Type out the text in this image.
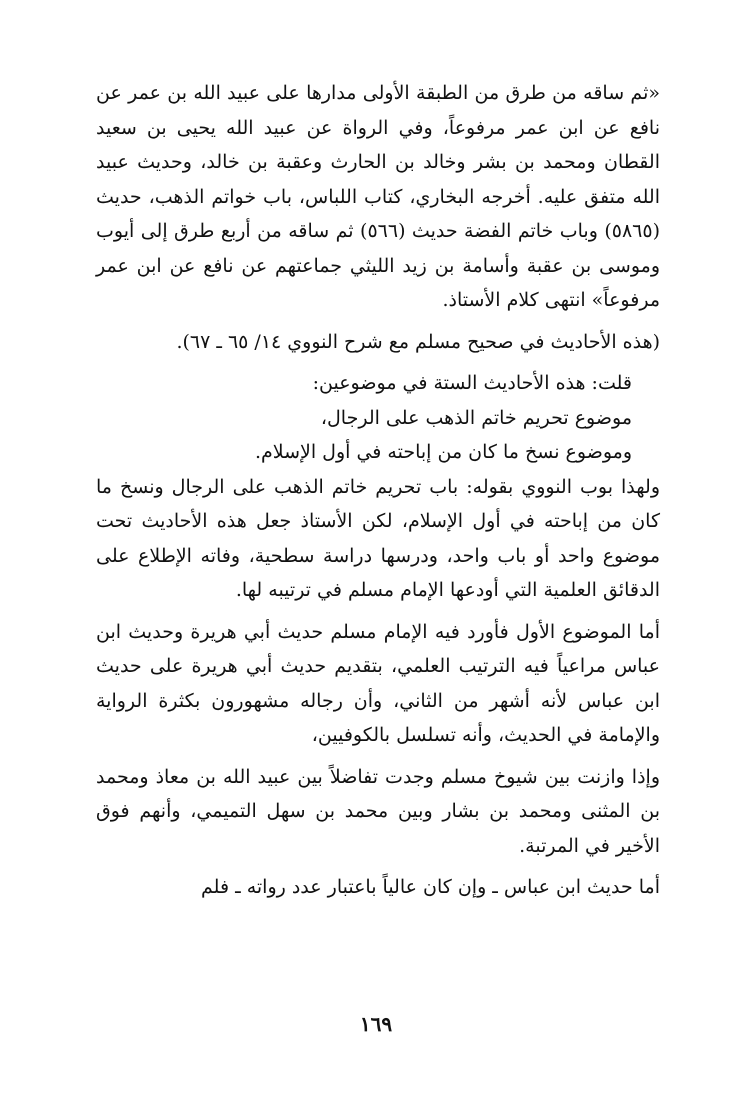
«ثم ساقه من طرق من الطبقة الأولى مدارها على عبيد الله بن عمر عن نافع عن ابن عمر مرفوعاً، وفي الرواة عن عبيد الله يحيى بن سعيد القطان ومحمد بن بشر وخالد بن الحارث وعقبة بن خالد، وحديث عبيد الله متفق عليه. أخرجه البخاري، كتاب اللباس، باب خواتم الذهب، حديث (٥٨٦٥) وباب خاتم الفضة حديث (٥٦٦) ثم ساقه من أربع طرق إلى أيوب وموسى بن عقبة وأسامة بن زيد الليثي جماعتهم عن نافع عن ابن عمر مرفوعاً» انتهى كلام الأستاذ.

(هذه الأحاديث في صحيح مسلم مع شرح النووي ١٤/ ٦٥ ـ ٦٧).

قلت: هذه الأحاديث الستة في موضوعين:

موضوع تحريم خاتم الذهب على الرجال،

وموضوع نسخ ما كان من إباحته في أول الإسلام.

ولهذا بوب النووي بقوله: باب تحريم خاتم الذهب على الرجال ونسخ ما كان من إباحته في أول الإسلام، لكن الأستاذ جعل هذه الأحاديث تحت موضوع واحد أو باب واحد، ودرسها دراسة سطحية، وفاته الإطلاع على الدقائق العلمية التي أودعها الإمام مسلم في ترتيبه لها.

أما الموضوع الأول فأورد فيه الإمام مسلم حديث أبي هريرة وحديث ابن عباس مراعياً فيه الترتيب العلمي، بتقديم حديث أبي هريرة على حديث ابن عباس لأنه أشهر من الثاني، وأن رجاله مشهورون بكثرة الرواية والإمامة في الحديث، وأنه تسلسل بالكوفيين،

وإذا وازنت بين شيوخ مسلم وجدت تفاضلاً بين عبيد الله بن معاذ ومحمد بن المثنى ومحمد بن بشار وبين محمد بن سهل التميمي، وأنهم فوق الأخير في المرتبة.

أما حديث ابن عباس ـ وإن كان عالياً باعتبار عدد رواته ـ فلم

١٦٩
